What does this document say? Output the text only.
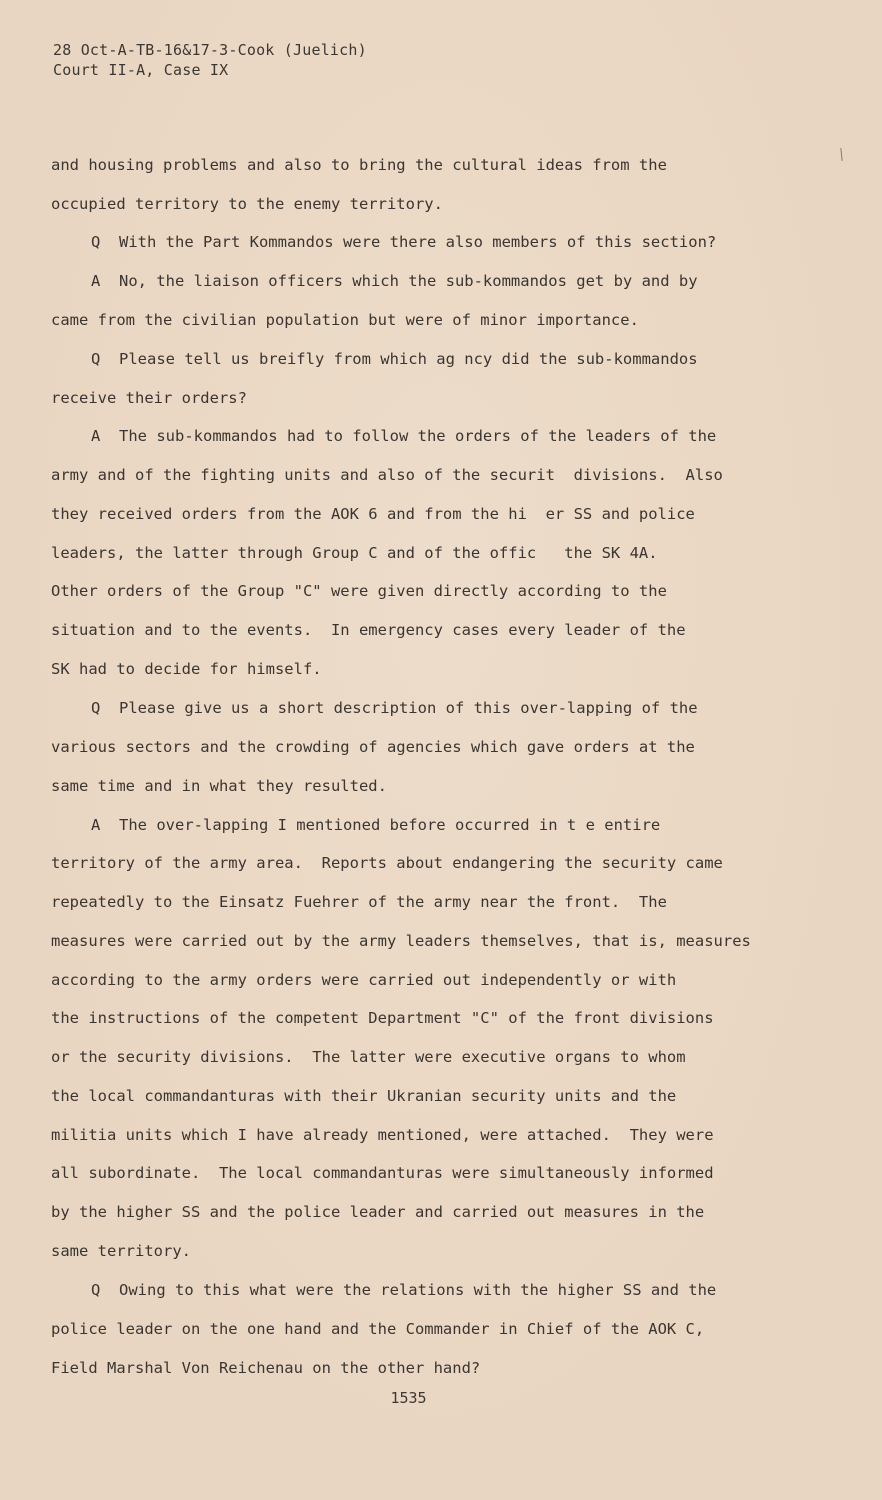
28 Oct-A-TB-16&17-3-Cook (Juelich)
Court II-A, Case IX
and housing problems and also to bring the cultural ideas from the
occupied territory to the enemy territory.
Q  With the Part Kommandos were there also members of this section?
A  No, the liaison officers which the sub-kommandos get by and by
came from the civilian population but were of minor importance.
Q  Please tell us breifly from which ag ncy did the sub-kommandos
receive their orders?
A  The sub-kommandos had to follow the orders of the leaders of the
army and of the fighting units and also of the securit  divisions.  Also
they received orders from the AOK 6 and from the hi  er SS and police
leaders, the latter through Group C and of the offic   the SK 4A.
Other orders of the Group "C" were given directly according to the
situation and to the events.  In emergency cases every leader of the
SK had to decide for himself.
Q  Please give us a short description of this over-lapping of the
various sectors and the crowding of agencies which gave orders at the
same time and in what they resulted.
A  The over-lapping I mentioned before occurred in t e entire
territory of the army area.  Reports about endangering the security came
repeatedly to the Einsatz Fuehrer of the army near the front.  The
measures were carried out by the army leaders themselves, that is, measures
according to the army orders were carried out independently or with
the instructions of the competent Department "C" of the front divisions
or the security divisions.  The latter were executive organs to whom
the local commandanturas with their Ukranian security units and the
militia units which I have already mentioned, were attached.  They were
all subordinate.  The local commandanturas were simultaneously informed
by the higher SS and the police leader and carried out measures in the
same territory.
Q  Owing to this what were the relations with the higher SS and the
police leader on the one hand and the Commander in Chief of the AOK C,
Field Marshal Von Reichenau on the other hand?
1535
